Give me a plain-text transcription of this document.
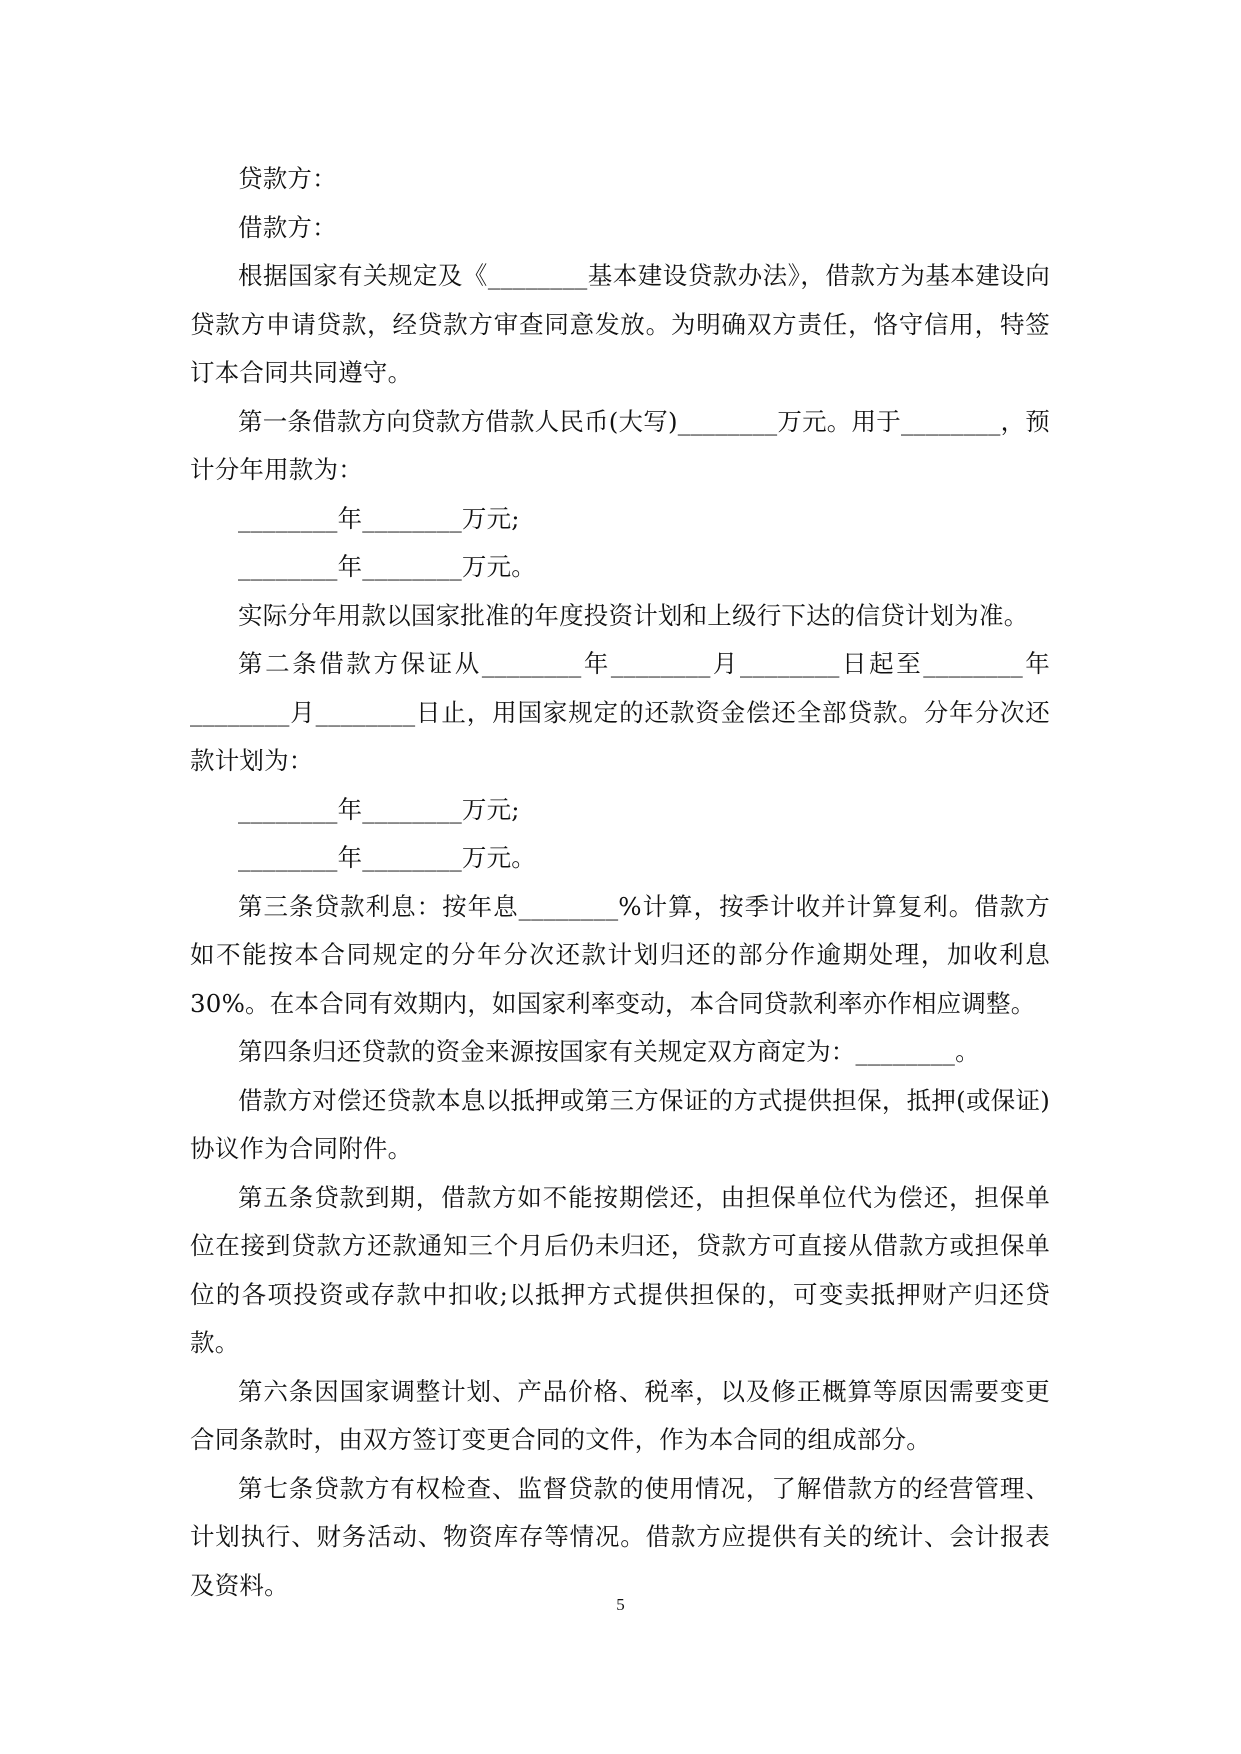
贷款方：

借款方：

根据国家有关规定及《________基本建设贷款办法》，借款方为基本建设向贷款方申请贷款，经贷款方审查同意发放。为明确双方责任，恪守信用，特签订本合同共同遵守。

第一条借款方向贷款方借款人民币(大写)________万元。用于________，预计分年用款为：

________年________万元;

________年________万元。

实际分年用款以国家批准的年度投资计划和上级行下达的信贷计划为准。

第二条借款方保证从________年________月________日起至________年________月________日止，用国家规定的还款资金偿还全部贷款。分年分次还款计划为：

________年________万元;

________年________万元。

第三条贷款利息：按年息________%计算，按季计收并计算复利。借款方如不能按本合同规定的分年分次还款计划归还的部分作逾期处理，加收利息30%。在本合同有效期内，如国家利率变动，本合同贷款利率亦作相应调整。

第四条归还贷款的资金来源按国家有关规定双方商定为：________。

借款方对偿还贷款本息以抵押或第三方保证的方式提供担保，抵押(或保证)协议作为合同附件。

第五条贷款到期，借款方如不能按期偿还，由担保单位代为偿还，担保单位在接到贷款方还款通知三个月后仍未归还，贷款方可直接从借款方或担保单位的各项投资或存款中扣收;以抵押方式提供担保的，可变卖抵押财产归还贷款。

第六条因国家调整计划、产品价格、税率，以及修正概算等原因需要变更合同条款时，由双方签订变更合同的文件，作为本合同的组成部分。

第七条贷款方有权检查、监督贷款的使用情况，了解借款方的经营管理、计划执行、财务活动、物资库存等情况。借款方应提供有关的统计、会计报表及资料。

5
